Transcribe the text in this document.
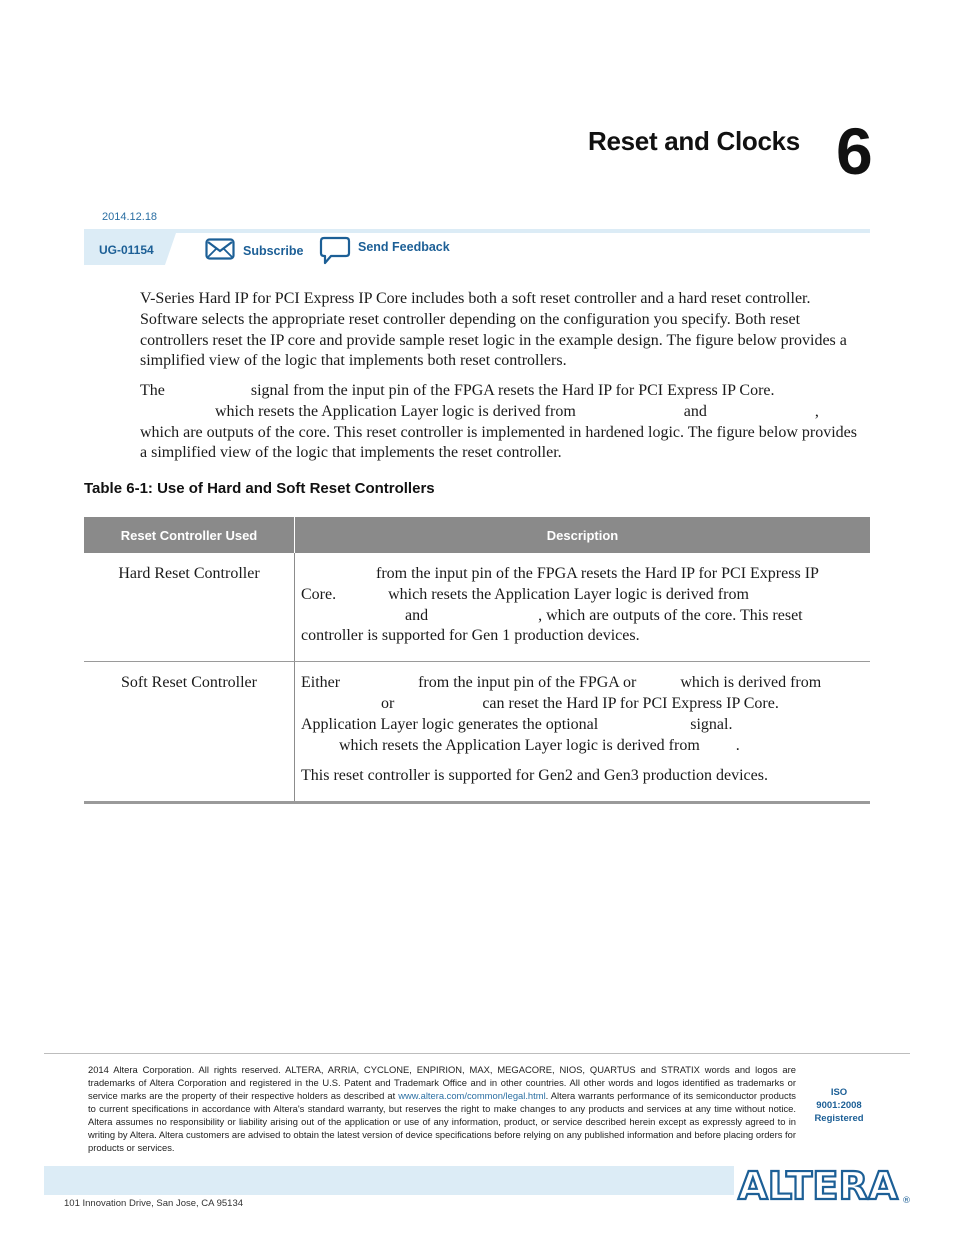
Reset and Clocks 6
2014.12.18
UG-01154	Subscribe	Send Feedback

V-Series Hard IP for PCI Express IP Core includes both a soft reset controller and a hard reset controller. Software selects the appropriate reset controller depending on the configuration you specify. Both reset controllers reset the IP core and provide sample reset logic in the example design. The figure below provides a simplified view of the logic that implements both reset controllers.

The	signal from the input pin of the FPGA resets the Hard IP for PCI Express IP Core.
which resets the Application Layer logic is derived from	and	,
which are outputs of the core. This reset controller is implemented in hardened logic. The figure below provides a simplified view of the logic that implements the reset controller.

Table 6-1: Use of Hard and Soft Reset Controllers
Reset Controller Used	Description
Hard Reset Controller	from the input pin of the FPGA resets the Hard IP for PCI Express IP Core. which resets the Application Layer logic is derived from
and , which are outputs of the core. This reset controller is supported for Gen 1 production devices.

Soft Reset Controller	Either from the input pin of the FPGA or which is derived fromor can reset the Hard IP for PCI Express IP Core. Application Layer logic generates the optional signal.
which resets the Application Layer logic is derived from .

This reset controller is supported for Gen2 and Gen3 production devices.

2014 Altera Corporation. All rights reserved. ALTERA, ARRIA, CYCLONE, ENPIRION, MAX, MEGACORE, NIOS, QUARTUS and STRATIX words and logos are trademarks of Altera Corporation and registered in the U.S. Patent and Trademark Office and in other countries. All other words and logos identified as trademarks or service marks are the property of their respective holders as described at www.altera.com/common/legal.html. Altera warrants performance of its semiconductor products to current specifications in accordance with Altera's standard warranty, but reserves the right to make changes to any products and services at any time without notice. Altera assumes no responsibility or liability arising out of the application or use of any information, product, or service described herein except as expressly agreed to in writing by Altera. Altera customers are advised to obtain the latest version of device specifications before relying on any published information and before placing orders for products or services.
ISO
9001:2008
Registered
ALTERA ®
101 Innovation Drive, San Jose, CA 95134
